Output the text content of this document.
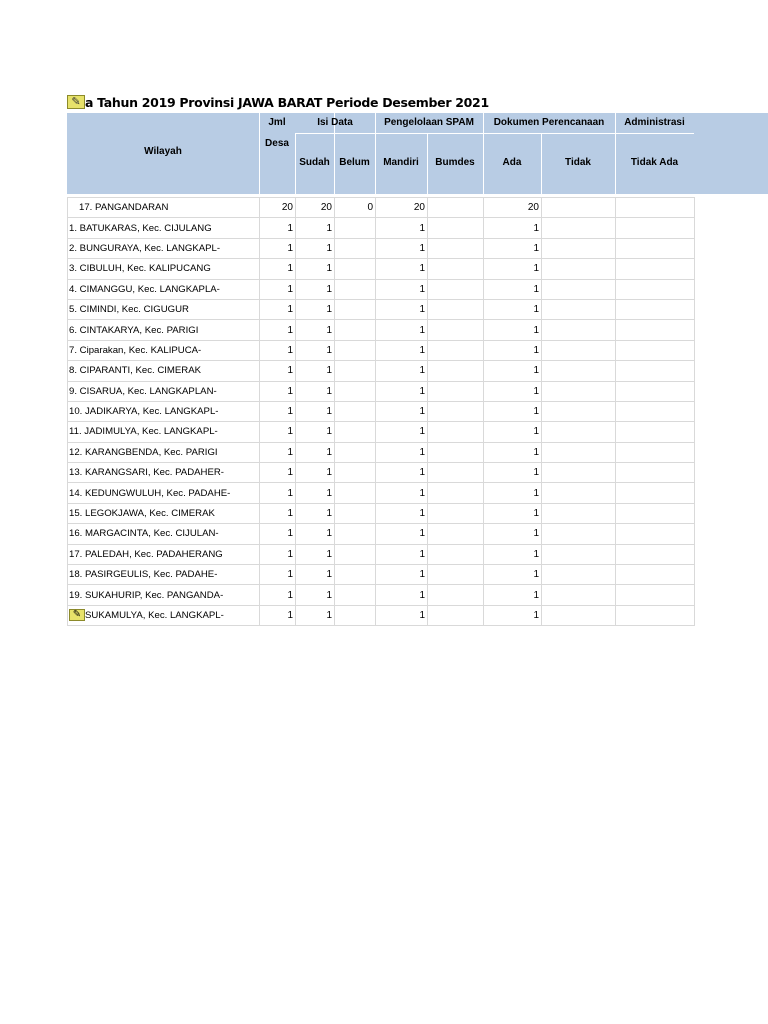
✎ a Tahun 2019 Provinsi JAWA BARAT Periode Desember 2021
Wilayah
Jml
Desa
Isi Data
Sudah Belum
Pengelolaan SPAM
Mandiri	Bumdes
Dokumen Perencanaan
Ada	Tidak
Administrasi
Tidak Ada
17. PANGANDARAN	20	20	0	20		20		
1. BATUKARAS, Kec. CIJULANG	1	1		1		1		
2. BUNGURAYA, Kec. LANGKAPL-	1	1		1		1		
3. CIBULUH, Kec. KALIPUCANG	1	1		1		1		
4. CIMANGGU, Kec. LANGKAPLA-	1	1		1		1		
5. CIMINDI, Kec. CIGUGUR	1	1		1		1		
6. CINTAKARYA, Kec. PARIGI	1	1		1		1		
7. Ciparakan, Kec. KALIPUCA-	1	1		1		1		
8. CIPARANTI, Kec. CIMERAK	1	1		1		1		
9. CISARUA, Kec. LANGKAPLAN-	1	1		1		1		
10. JADIKARYA, Kec. LANGKAPL-	1	1		1		1		
11. JADIMULYA, Kec. LANGKAPL-	1	1		1		1		
12. KARANGBENDA, Kec. PARIGI	1	1		1		1		
13. KARANGSARI, Kec. PADAHER-	1	1		1		1		
14. KEDUNGWULUH, Kec. PADAHE-	1	1		1		1		
15. LEGOKJAWA, Kec. CIMERAK	1	1		1		1		
16. MARGACINTA, Kec. CIJULAN-	1	1		1		1		
17. PALEDAH, Kec. PADAHERANG	1	1		1		1		
18. PASIRGEULIS, Kec. PADAHE-	1	1		1		1		
19. SUKAHURIP, Kec. PANGANDA-	1	1		1		1		
✎ SUKAMULYA, Kec. LANGKAPL-	1	1		1		1		
